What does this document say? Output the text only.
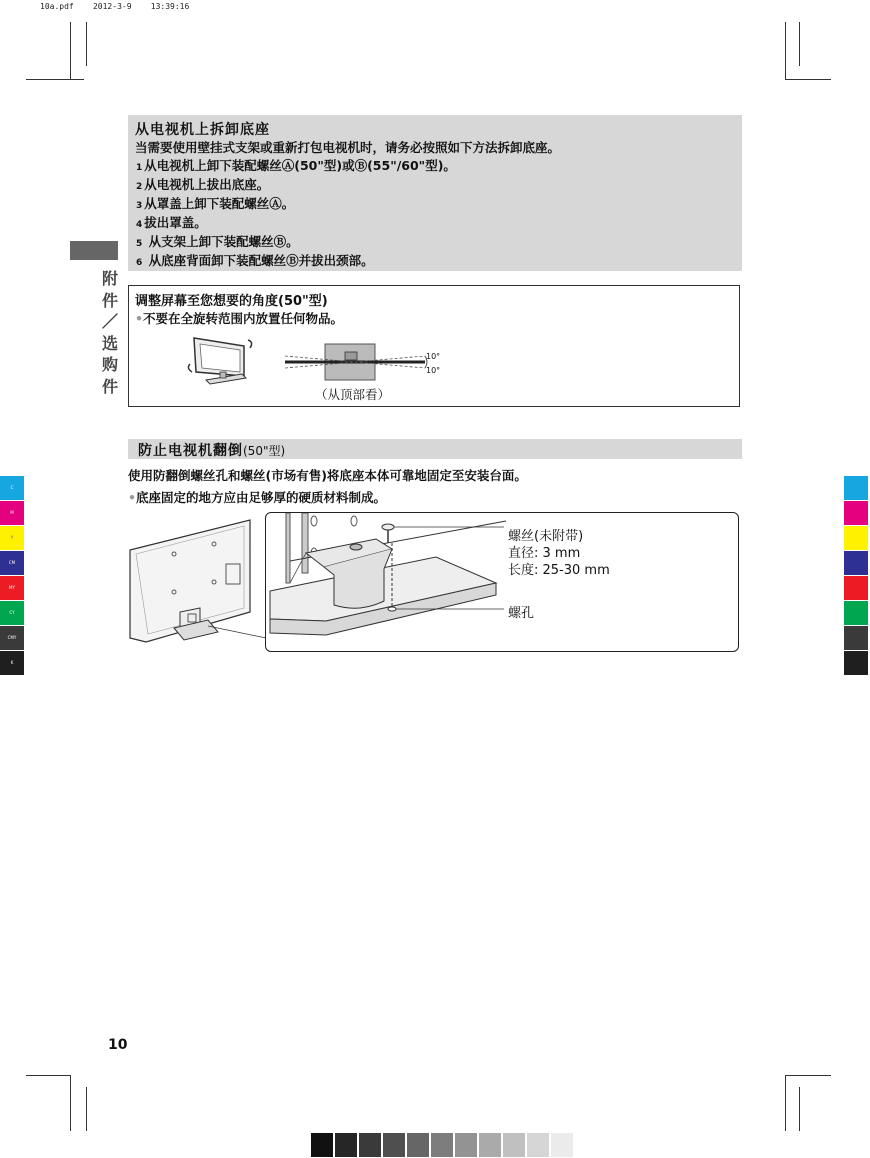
10a.pdf 2012-3-9 13:39:16
从电视机上拆卸底座
当需要使用壁挂式支架或重新打包电视机时，请务必按照如下方法拆卸底座。
1 从电视机上卸下装配螺丝Ⓐ(50"型)或Ⓑ(55"/60"型)。
2 从电视机上拔出底座。
3 从罩盖上卸下装配螺丝Ⓐ。
4 拔出罩盖。
5 从支架上卸下装配螺丝Ⓑ。
6 从底座背面卸下装配螺丝Ⓑ并拔出颈部。
附
件
／
选
购
件
调整屏幕至您想要的角度(50"型)
•不要在全旋转范围内放置任何物品。
10°
10°
（从顶部看）
防止电视机翻倒(50"型)
使用防翻倒螺丝孔和螺丝(市场有售)将底座本体可靠地固定至安装台面。
•底座固定的地方应由足够厚的硬质材料制成。
螺丝(未附带)
直径: 3 mm
长度: 25-30 mm
螺孔
C
M
Y
CM
MY
CY
CMY
K
10
